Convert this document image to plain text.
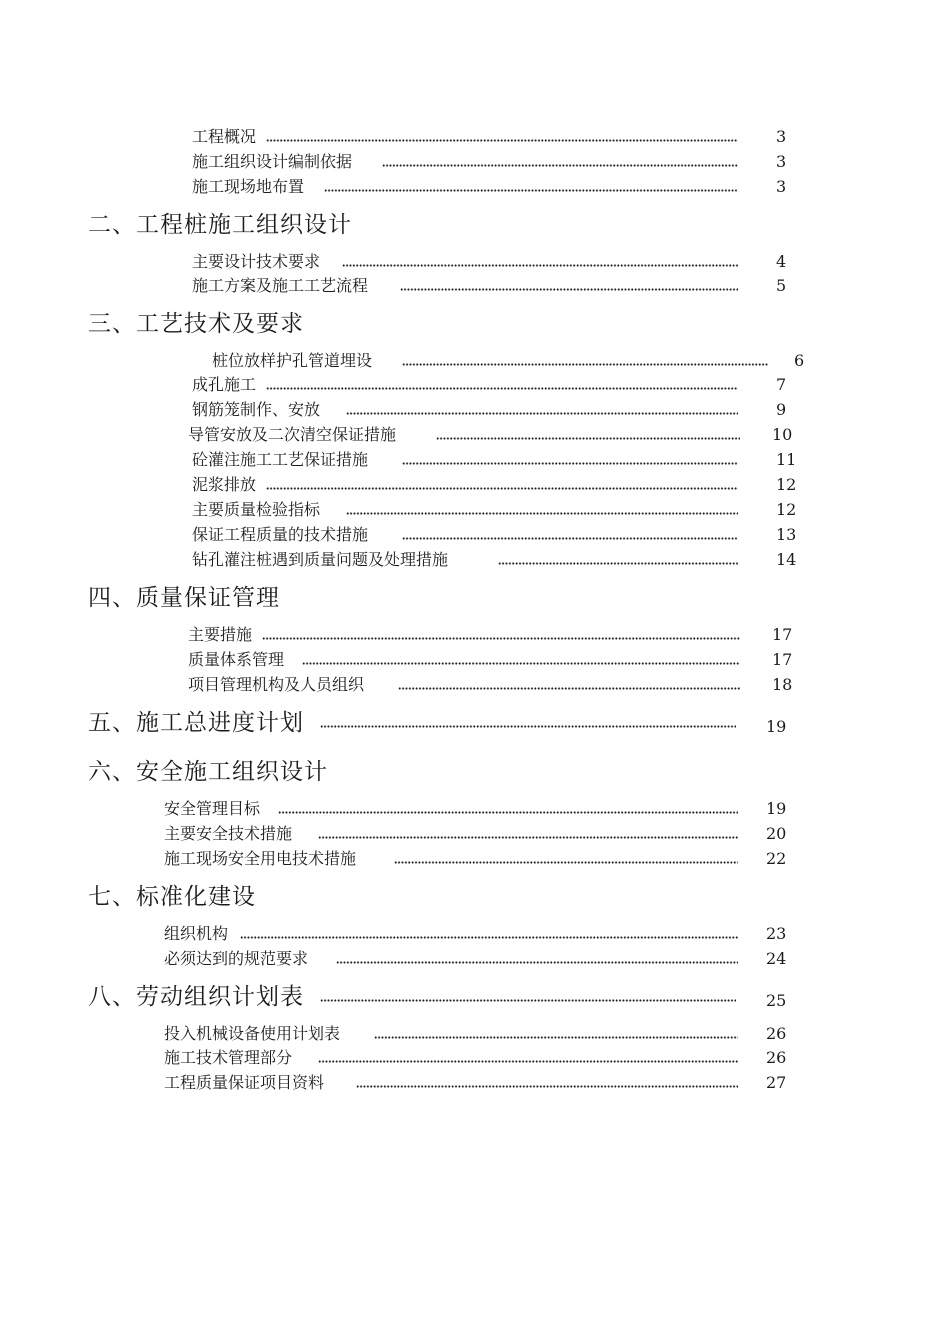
工程概况	3
施工组织设计编制依据	3
施工现场地布置	3
二、工程桩施工组织设计
主要设计技术要求	4
施工方案及施工工艺流程	5
三、工艺技术及要求
桩位放样护孔管道埋设	6
成孔施工	7
钢筋笼制作、安放	9
导管安放及二次清空保证措施	10
砼灌注施工工艺保证措施	11
泥浆排放	12
主要质量检验指标	12
保证工程质量的技术措施	13
钻孔灌注桩遇到质量问题及处理措施	14
四、质量保证管理
主要措施	17
质量体系管理	17
项目管理机构及人员组织	18
五、施工总进度计划	19
六、安全施工组织设计
安全管理目标	19
主要安全技术措施	20
施工现场安全用电技术措施	22
七、标准化建设
组织机构	23
必须达到的规范要求	24
八、劳动组织计划表	25
投入机械设备使用计划表	26
施工技术管理部分	26
工程质量保证项目资料	27
